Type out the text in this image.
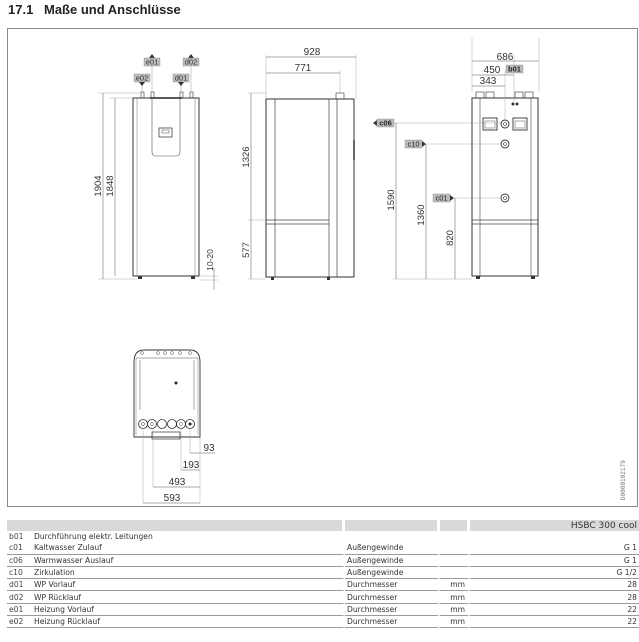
17.1 Maße und Anschlüsse
e01	d02
e02	d01
1904 1848
10-20
928
771
1326
577
686
450
343
b01
c06
c10
c01
1590
1360
820
93
193
493
593	D0000102179
				HSBC 300 cool
b01	Durchführung elektr. Leitungen			
c01	Kaltwasser Zulauf	Außengewinde		G 1
c06	Warmwasser Auslauf	Außengewinde		G 1
c10	Zirkulation	Außengewinde		G 1/2
d01	WP Vorlauf	Durchmesser	mm	28
d02	WP Rücklauf	Durchmesser	mm	28
e01	Heizung Vorlauf	Durchmesser	mm	22
e02	Heizung Rücklauf	Durchmesser	mm	22
